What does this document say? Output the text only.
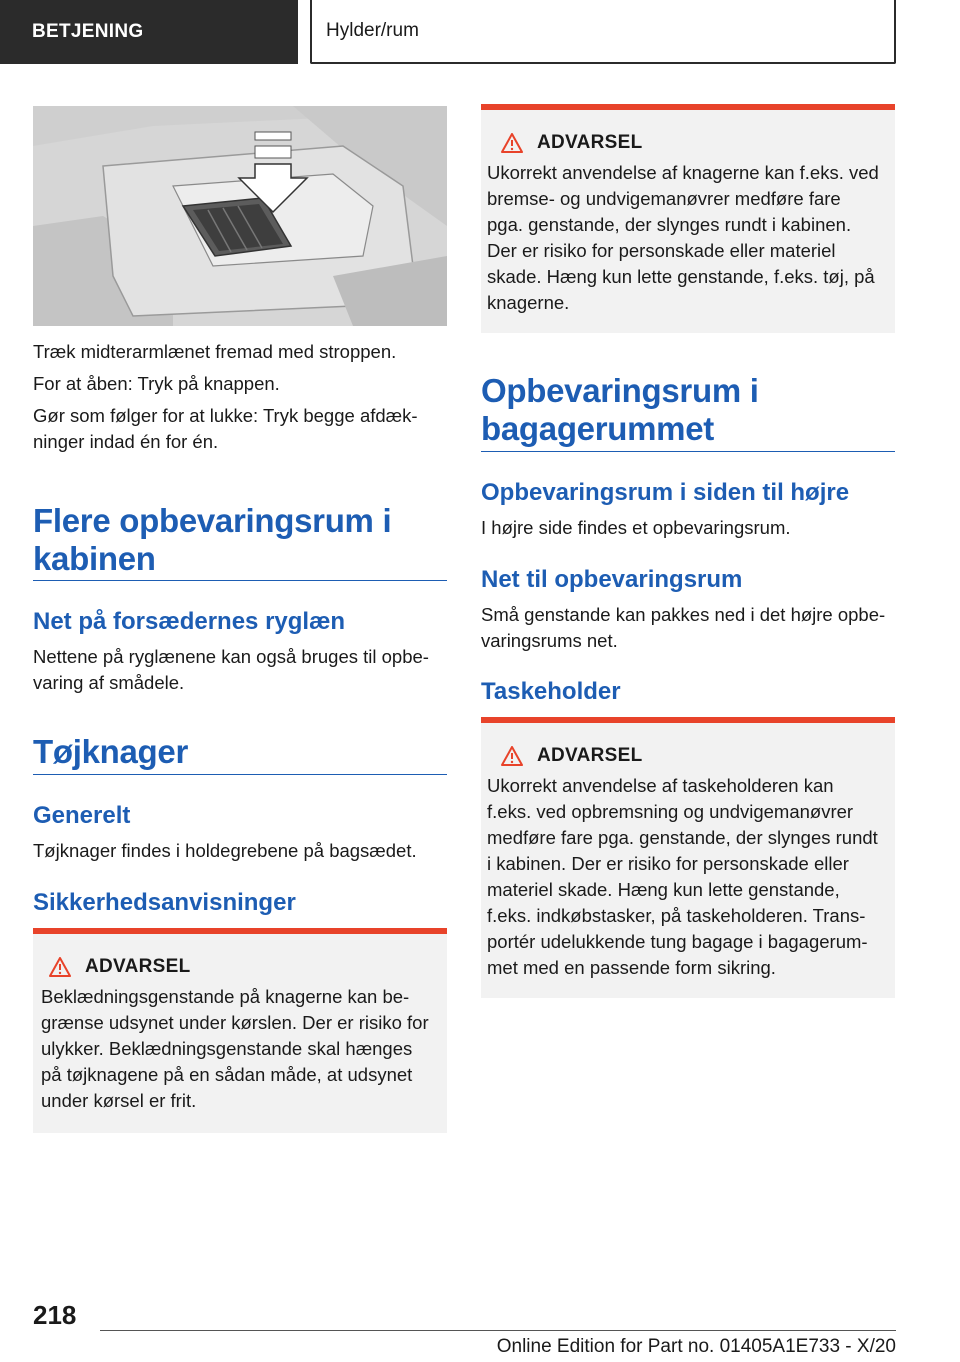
BETJENING	Hylder/rum

Træk midterarmlænet fremad med stroppen.

For at åben: Tryk på knappen.

Gør som følger for at lukke: Tryk begge afdæk‐

ninger indad én for én.

Flere opbevaringsrum i
kabinen
Net på forsædernes ryglæn

Nettene på ryglænene kan også bruges til opbe‐

varing af smådele.

Tøjknager
Generelt

Tøjknager findes i holdegrebene på bagsædet.

Sikkerhedsanvisninger
ADVARSEL
Beklædningsgenstande på knagerne kan be‐
grænse udsynet under kørslen. Der er risiko for
ulykker. Beklædningsgenstande skal hænges
på tøjknagene på en sådan måde, at udsynet
under kørsel er frit.
ADVARSEL
Ukorrekt anvendelse af knagerne kan f.eks. ved
bremse- og undvigemanøvrer medføre fare
pga. genstande, der slynges rundt i kabinen.
Der er risiko for personskade eller materiel
skade. Hæng kun lette genstande, f.eks. tøj, på
knagerne.
Opbevaringsrum i
bagagerummet
Opbevaringsrum i siden til højre

I højre side findes et opbevaringsrum.

Net til opbevaringsrum

Små genstande kan pakkes ned i det højre opbe‐

varingsrums net.

Taskeholder
ADVARSEL
Ukorrekt anvendelse af taskeholderen kan
f.eks. ved opbremsning og undvigemanøvrer
medføre fare pga. genstande, der slynges rundt
i kabinen. Der er risiko for personskade eller
materiel skade. Hæng kun lette genstande,
f.eks. indkøbstasker, på taskeholderen. Trans‐
portér udelukkende tung bagage i bagagerum‐
met med en passende form sikring.
218
Online Edition for Part no. 01405A1E733 - X/20
